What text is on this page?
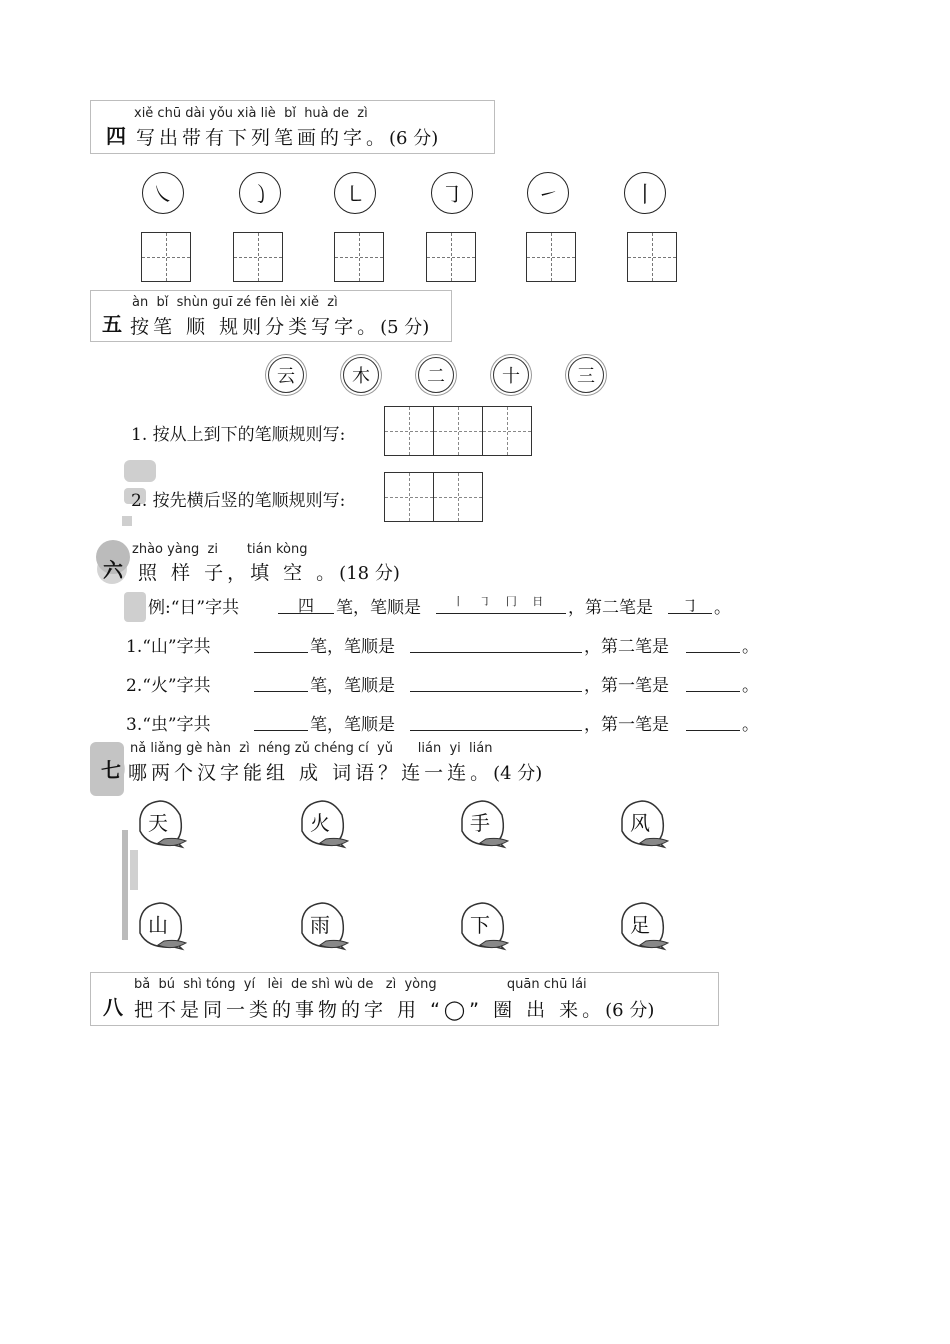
xiě chū dài yǒu xià liè  bǐ  huà de  zì
四 写出带有下列笔画的字。(6 分)
㇏	㇁	㇄	㇆	㇀	丨
àn  bǐ  shùn guī zé fēn lèi xiě  zì
五 按笔 顺 规则分类写字。(5 分)
云	木	二	十	三
1. 按从上到下的笔顺规则写:
2. 按先横后竖的笔顺规则写:
zhào yàng  zi       tián kòng
六 照 样 子，填 空 。(18 分)
例:“日”字共	四	笔，笔顺是	丨 ㇆ 冂 日	，第二笔是	㇆ 。
1.“山”字共	笔，笔顺是	，第二笔是	。
2.“火”字共	笔，笔顺是	，第一笔是	。
3.“虫”字共	笔，笔顺是	，第一笔是	。
nǎ liǎng gè hàn  zì  néng zǔ chéng cí  yǔ      lián  yi  lián
七 哪两个汉字能组 成 词语？连一连。(4 分)
天	火	手	风
山	雨	下	足
bǎ  bú  shì tóng  yí   lèi  de shì wù de   zì  yòng                 quān chū lái
八 把不是同一类的事物的字 用 “◯” 圈 出 来。(6 分)
